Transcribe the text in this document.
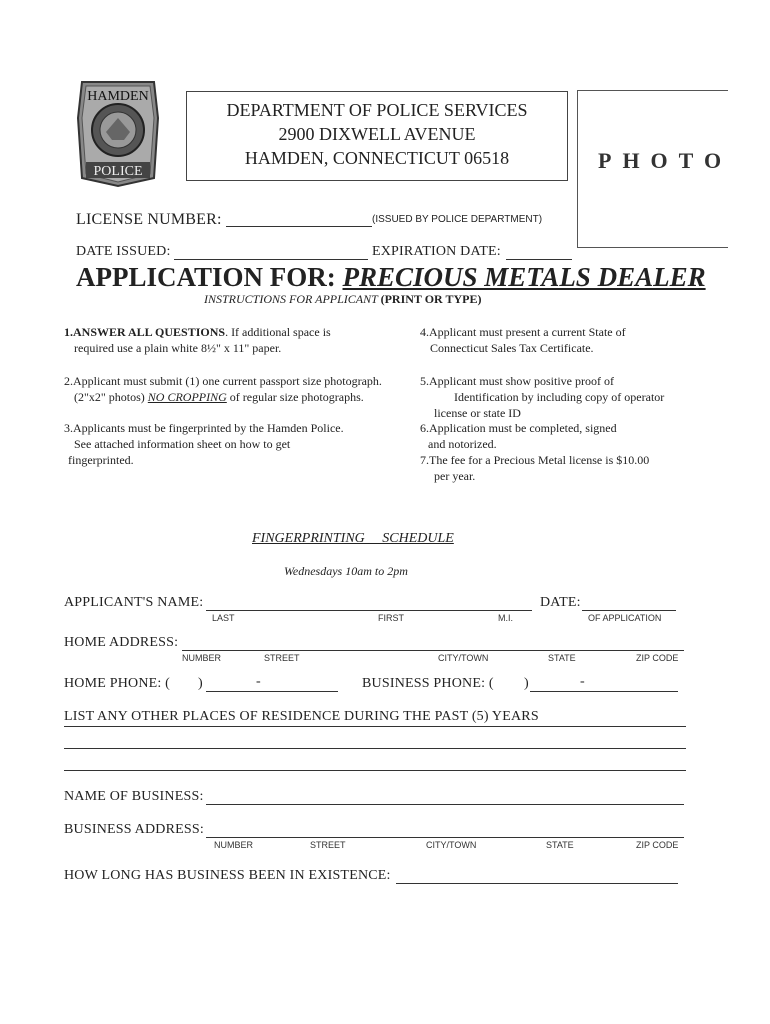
HAMDEN
POLICE
DEPARTMENT OF POLICE SERVICES
2900 DIXWELL AVENUE
HAMDEN, CONNECTICUT 06518	PHOTO
LICENSE NUMBER:	(ISSUED BY POLICE DEPARTMENT)
DATE ISSUED:	EXPIRATION DATE:
APPLICATION FOR: PRECIOUS METALS DEALER
INSTRUCTIONS FOR APPLICANT (PRINT OR TYPE)
1.ANSWER ALL QUESTIONS. If additional space is
required use a plain white 8½" x 11" paper.
2.Applicant must submit (1) one current passport size photograph.
(2"x2" photos) NO CROPPING of regular size photographs.
3.Applicants must be fingerprinted by the Hamden Police.
See attached information sheet on how to get
fingerprinted.
4.Applicant must present a current State of
Connecticut Sales Tax Certificate.
5.Applicant must show positive proof of
Identification by including copy of operator
license or state ID
6.Application must be completed, signed
and notorized.
7.The fee for a Precious Metal license is $10.00
per year.
FINGERPRINTING SCHEDULE
Wednesdays 10am to 2pm
APPLICANT'S NAME:
LAST	FIRST	M.I.
DATE:
OF APPLICATION
HOME ADDRESS:
NUMBER	STREET	CITY/TOWN	STATE	ZIP CODE
HOME PHONE: ( )	-	BUSINESS PHONE: ( )	-
LIST ANY OTHER PLACES OF RESIDENCE DURING THE PAST (5) YEARS
NAME OF BUSINESS:
BUSINESS ADDRESS:
NUMBER	STREET	CITY/TOWN	STATE	ZIP CODE
HOW LONG HAS BUSINESS BEEN IN EXISTENCE:
